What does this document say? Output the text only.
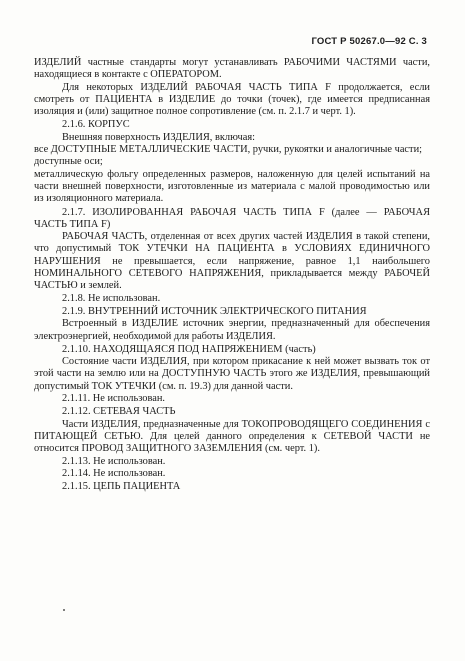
ГОСТ Р 50267.0—92 С. 3

ИЗДЕЛИЙ частные стандарты могут устанавливать РАБОЧИМИ ЧАСТЯМИ части, находящиеся в контакте с ОПЕРАТОРОМ.

Для некоторых ИЗДЕЛИЙ РАБОЧАЯ ЧАСТЬ ТИПА F продолжается, если смотреть от ПАЦИЕНТА в ИЗДЕЛИЕ до точки (точек), где имеется предписанная изоляция и (или) защитное полное сопротивление (см. п. 2.1.7 и черт. 1).

2.1.6. КОРПУС

Внешняя поверхность ИЗДЕЛИЯ, включая:

все ДОСТУПНЫЕ МЕТАЛЛИЧЕСКИЕ ЧАСТИ, ручки, рукоятки и аналогичные части;

доступные оси;

металлическую фольгу определенных размеров, наложенную для целей испытаний на части внешней поверхности, изготовленные из материала с малой проводимостью или из изоляционного материала.

2.1.7. ИЗОЛИРОВАННАЯ РАБОЧАЯ ЧАСТЬ ТИПА F (далее — РАБОЧАЯ ЧАСТЬ ТИПА F)

РАБОЧАЯ ЧАСТЬ, отделенная от всех других частей ИЗДЕЛИЯ в такой степени, что допустимый ТОК УТЕЧКИ НА ПАЦИЕНТА в УСЛОВИЯХ ЕДИНИЧНОГО НАРУШЕНИЯ не превышается, если напряжение, равное 1,1 наибольшего НОМИНАЛЬНОГО СЕТЕВОГО НАПРЯЖЕНИЯ, прикладывается между РАБОЧЕЙ ЧАСТЬЮ и землей.

2.1.8. Не использован.

2.1.9. ВНУТРЕННИЙ ИСТОЧНИК ЭЛЕКТРИЧЕСКОГО ПИТАНИЯ

Встроенный в ИЗДЕЛИЕ источник энергии, предназначенный для обеспечения электроэнергией, необходимой для работы ИЗДЕЛИЯ.

2.1.10. НАХОДЯЩАЯСЯ ПОД НАПРЯЖЕНИЕМ (часть)

Состояние части ИЗДЕЛИЯ, при котором прикасание к ней может вызвать ток от этой части на землю или на ДОСТУПНУЮ ЧАСТЬ этого же ИЗДЕЛИЯ, превышающий допустимый ТОК УТЕЧКИ (см. п. 19.3) для данной части.

2.1.11. Не использован.

2.1.12. СЕТЕВАЯ ЧАСТЬ

Части ИЗДЕЛИЯ, предназначенные для ТОКОПРОВОДЯЩЕГО СОЕДИНЕНИЯ с ПИТАЮЩЕЙ СЕТЬЮ. Для целей данного определения к СЕТЕВОЙ ЧАСТИ не относится ПРОВОД ЗАЩИТНОГО ЗАЗЕМЛЕНИЯ (см. черт. 1).

2.1.13. Не использован.

2.1.14. Не использован.

2.1.15. ЦЕПЬ ПАЦИЕНТА
